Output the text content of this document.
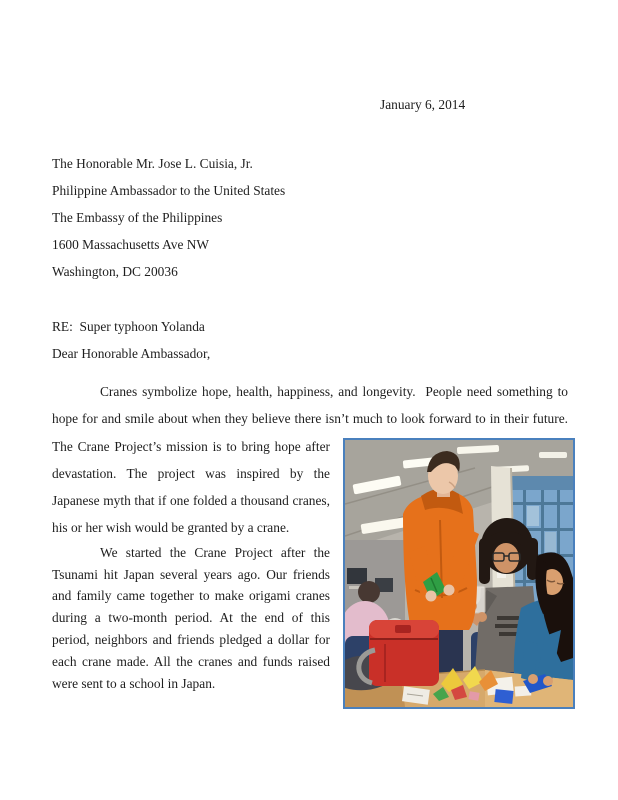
January 6, 2014
The Honorable Mr. Jose L. Cuisia, Jr.
Philippine Ambassador to the United States
The Embassy of the Philippines
1600 Massachusetts Ave NW
Washington, DC 20036
RE:  Super typhoon Yolanda
Dear Honorable Ambassador,

Cranes symbolize hope, health, happiness, and longevity.  People need something to hope for and smile about when they believe there isn’t much to look forward to in their future. The Crane Project’s mission is to bring hope after devastation. The project was inspired by the Japanese myth that if one folded a thousand cranes, his or her wish would be granted by a crane.

We started the Crane Project after the Tsunami hit Japan several years ago. Our friends and family came together to make origami cranes during a two-month period. At the end of this period, neighbors and friends pledged a dollar for each crane made. All the cranes and funds raised were sent to a school in Japan.
